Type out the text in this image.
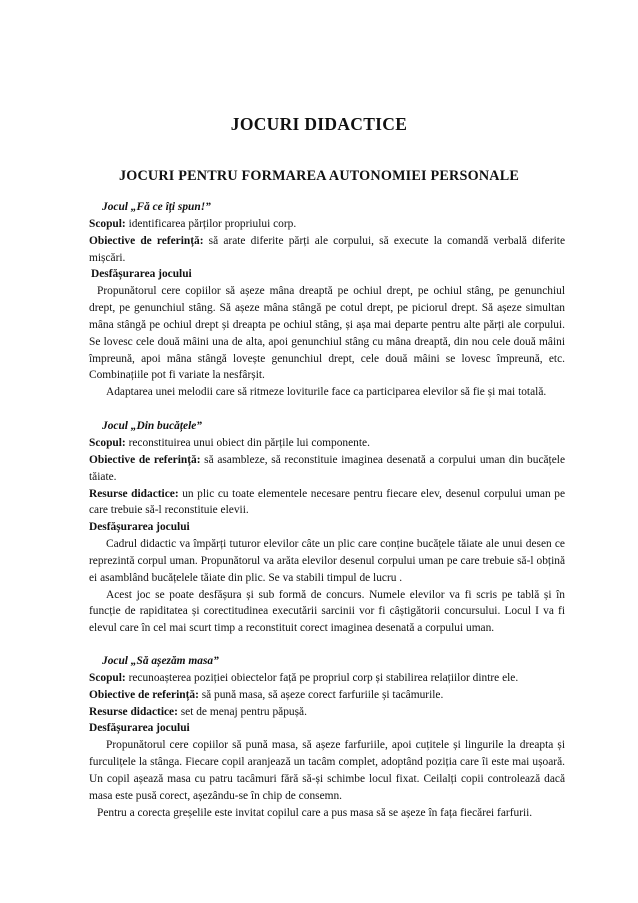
JOCURI DIDACTICE
JOCURI PENTRU FORMAREA AUTONOMIEI PERSONALE

Jocul „Fă ce îți spun!”

Scopul: identificarea părților propriului corp.

Obiective de referință: să arate diferite părți ale corpului, să execute la comandă verbală diferite mișcări.

Desfășurarea jocului

Propunătorul cere copiilor să așeze mâna dreaptă pe ochiul drept, pe ochiul stâng, pe genunchiul drept, pe genunchiul stâng. Să așeze mâna stângă pe cotul drept, pe piciorul drept. Să așeze simultan mâna stângă pe ochiul drept și dreapta pe ochiul stâng, și așa mai departe pentru alte părți ale corpului. Se lovesc cele două mâini una de alta, apoi genunchiul stâng cu mâna dreaptă, din nou cele două mâini împreună, apoi mâna stângă lovește genunchiul drept, cele două mâini se lovesc împreună, etc. Combinațiile pot fi variate la nesfârșit.

Adaptarea unei melodii care să ritmeze loviturile face ca participarea elevilor să fie și mai totală.

Jocul „Din bucățele”

Scopul: reconstituirea unui obiect din părțile lui componente.

Obiective de referință: să asambleze, să reconstituie imaginea desenată a corpului uman din bucățele tăiate.

Resurse didactice: un plic cu toate elementele necesare pentru fiecare elev, desenul corpului uman pe care trebuie să-l reconstituie elevii.

Desfășurarea jocului

Cadrul didactic va împărți tuturor elevilor câte un plic care conține bucățele tăiate ale unui desen ce reprezintă corpul uman. Propunătorul va arăta elevilor desenul corpului uman pe care trebuie să-l obțină ei asamblând bucățelele tăiate din plic. Se va stabili timpul de lucru .

Acest joc se poate desfășura și sub formă de concurs. Numele elevilor va fi scris pe tablă și în funcție de rapiditatea și corectitudinea executării sarcinii vor fi câștigătorii concursului. Locul I va fi elevul care în cel mai scurt timp a reconstituit corect imaginea desenată a corpului uman.

Jocul „Să așezăm masa”

Scopul: recunoașterea poziției obiectelor față pe propriul corp și stabilirea relațiilor dintre ele.

Obiective de referință: să pună masa, să așeze corect farfuriile și tacâmurile.

Resurse didactice: set de menaj pentru păpușă.

Desfășurarea jocului

Propunătorul cere copiilor să pună masa, să așeze farfuriile, apoi cuțitele și lingurile la dreapta și furculițele la stânga. Fiecare copil aranjează un tacâm complet, adoptând poziția care îi este mai ușoară. Un copil așează masa cu patru tacâmuri fără să-și schimbe locul fixat. Ceilalți copii controlează dacă masa este pusă corect, așezându-se în chip de consemn.

Pentru a corecta greșelile este invitat copilul care a pus masa să se așeze în fața fiecărei farfurii.
